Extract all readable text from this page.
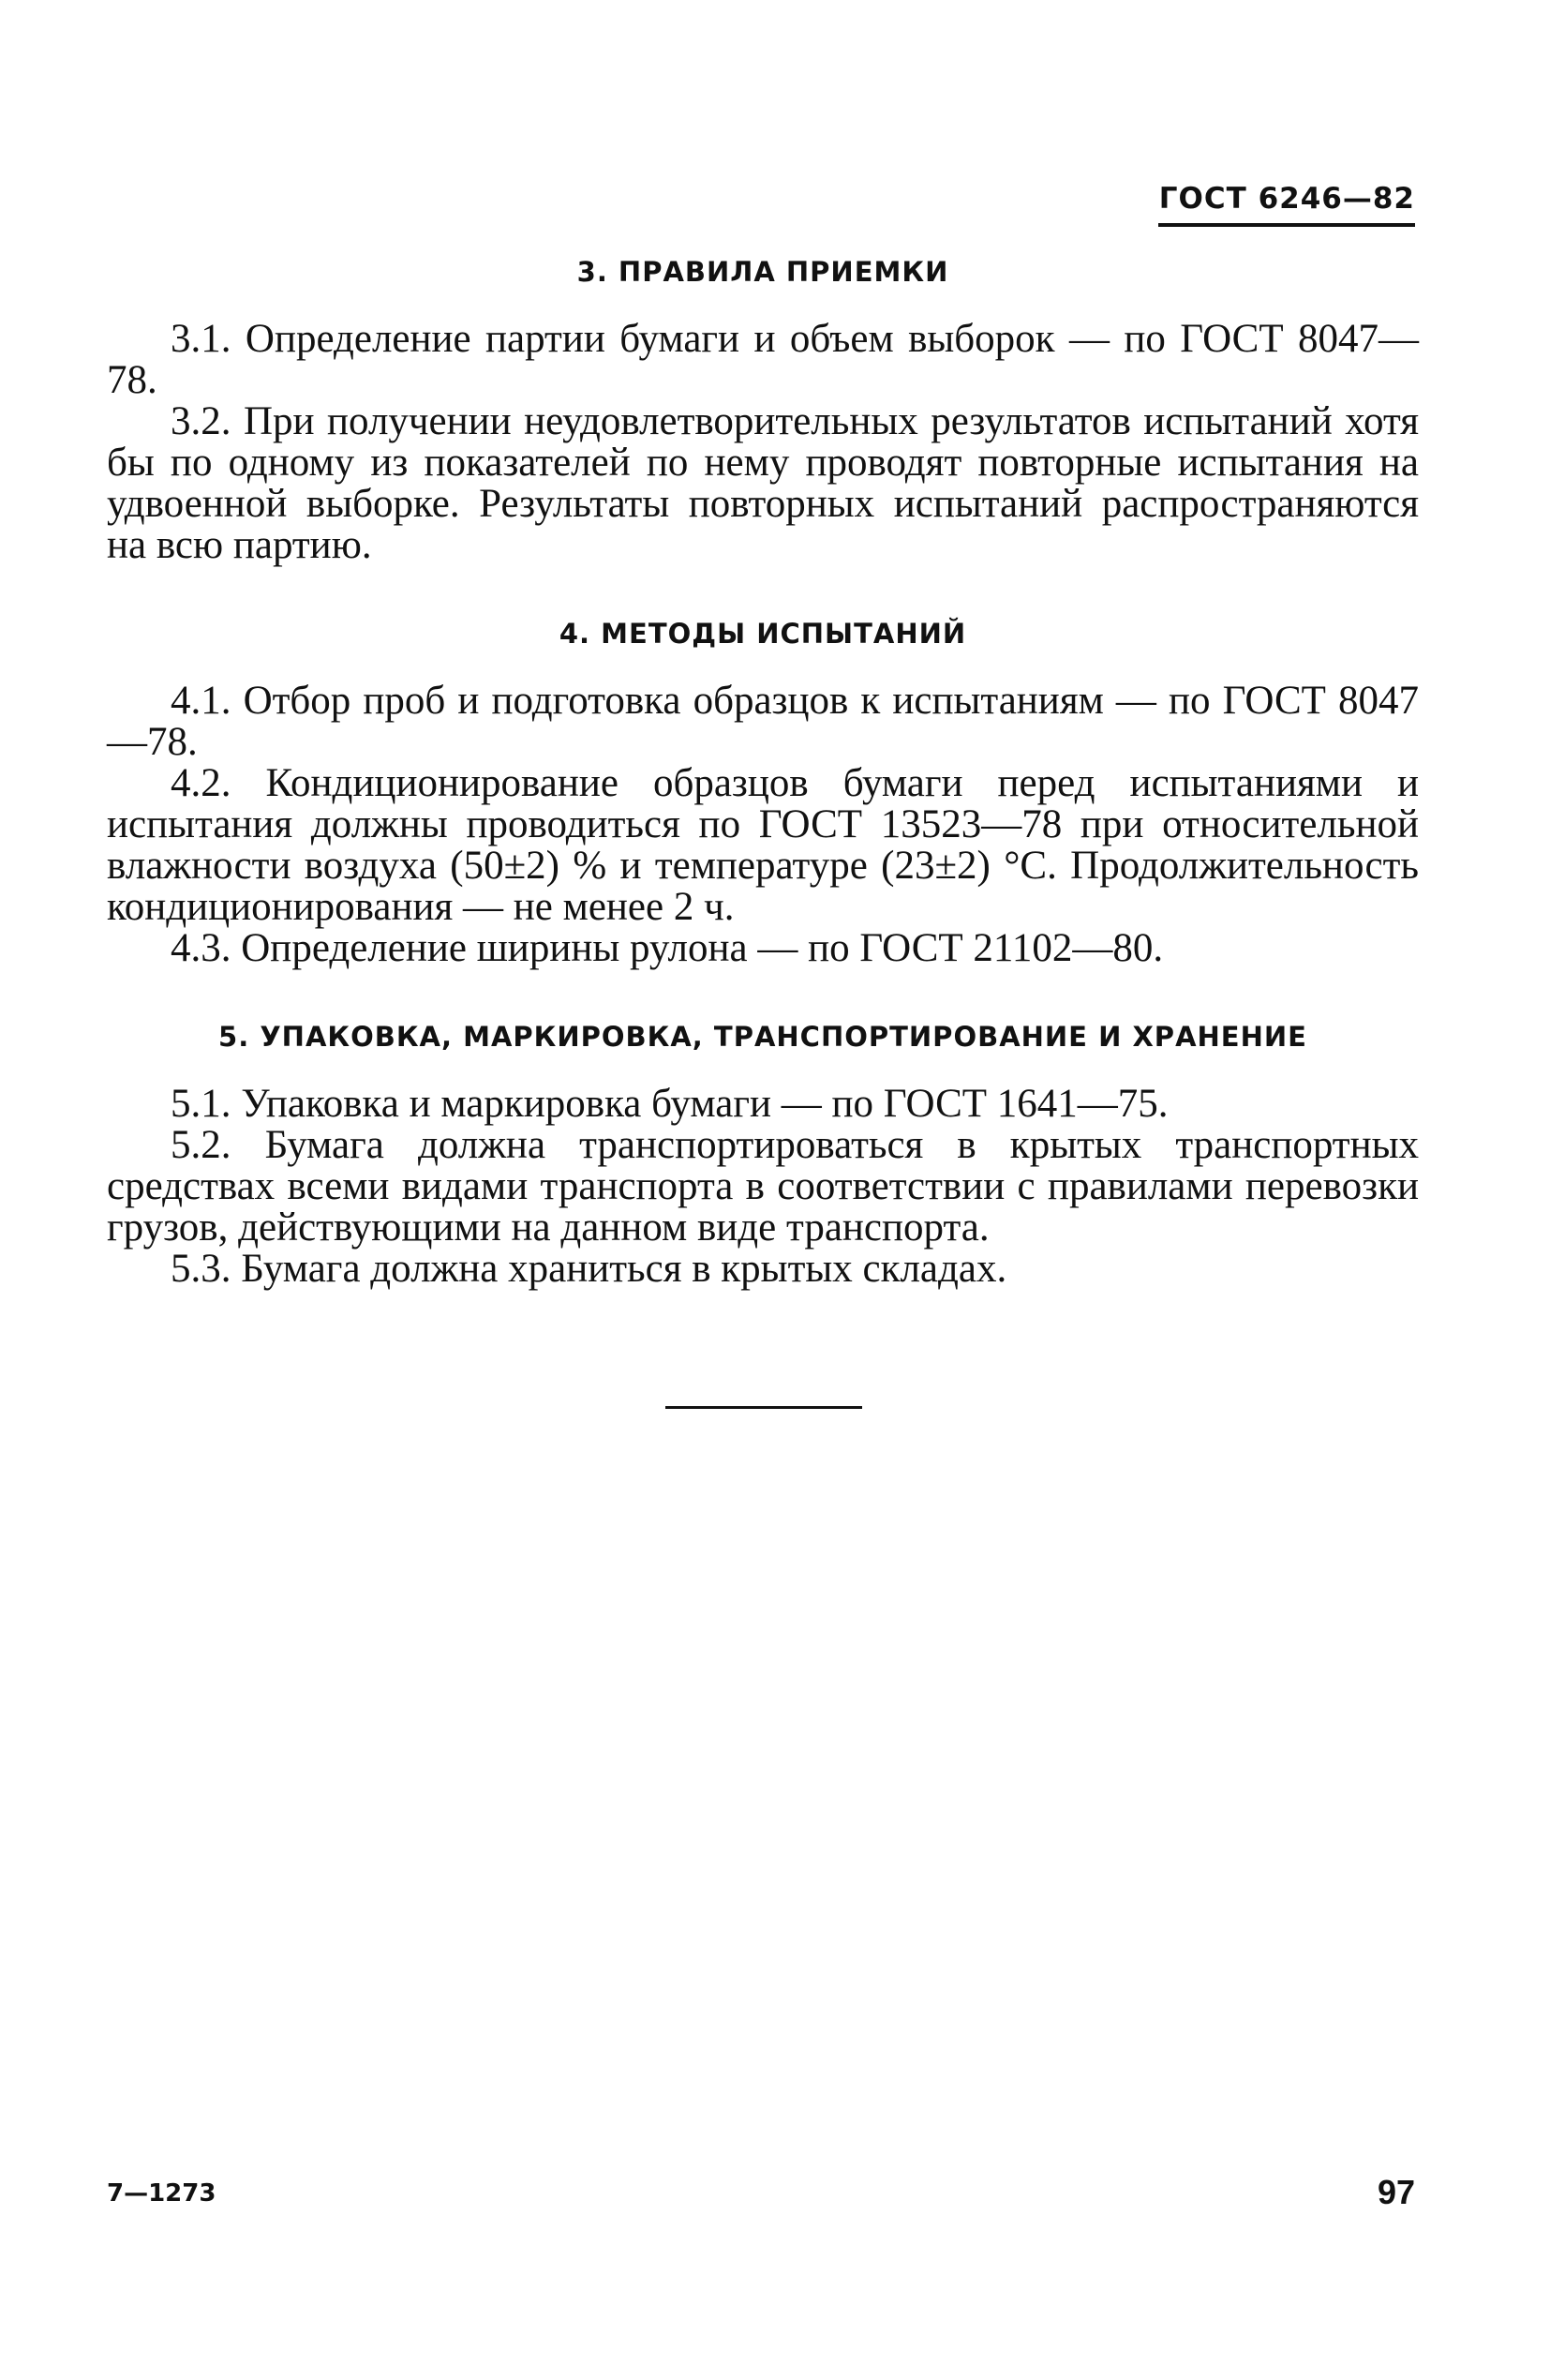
ГОСТ 6246—82
3. ПРАВИЛА ПРИЕМКИ

3.1. Определение партии бумаги и объем выборок — по ГОСТ 8047—78.

3.2. При получении неудовлетворительных результатов испытаний хотя бы по одному из показателей по нему проводят повторные испытания на удвоенной выборке. Результаты повторных испытаний распространяются на всю партию.

4. МЕТОДЫ ИСПЫТАНИЙ

4.1. Отбор проб и подготовка образцов к испытаниям — по ГОСТ 8047—78.

4.2. Кондиционирование образцов бумаги перед испытаниями и испытания должны проводиться по ГОСТ 13523—78 при относительной влажности воздуха (50±2) % и температуре (23±2) °С. Продолжительность кондиционирования — не менее 2 ч.

4.3. Определение ширины рулона — по ГОСТ 21102—80.

5. УПАКОВКА, МАРКИРОВКА, ТРАНСПОРТИРОВАНИЕ И ХРАНЕНИЕ

5.1. Упаковка и маркировка бумаги — по ГОСТ 1641—75.

5.2. Бумага должна транспортироваться в крытых транспортных средствах всеми видами транспорта в соответствии с правилами перевозки грузов, действующими на данном виде транспорта.

5.3. Бумага должна храниться в крытых складах.

7—1273	97
